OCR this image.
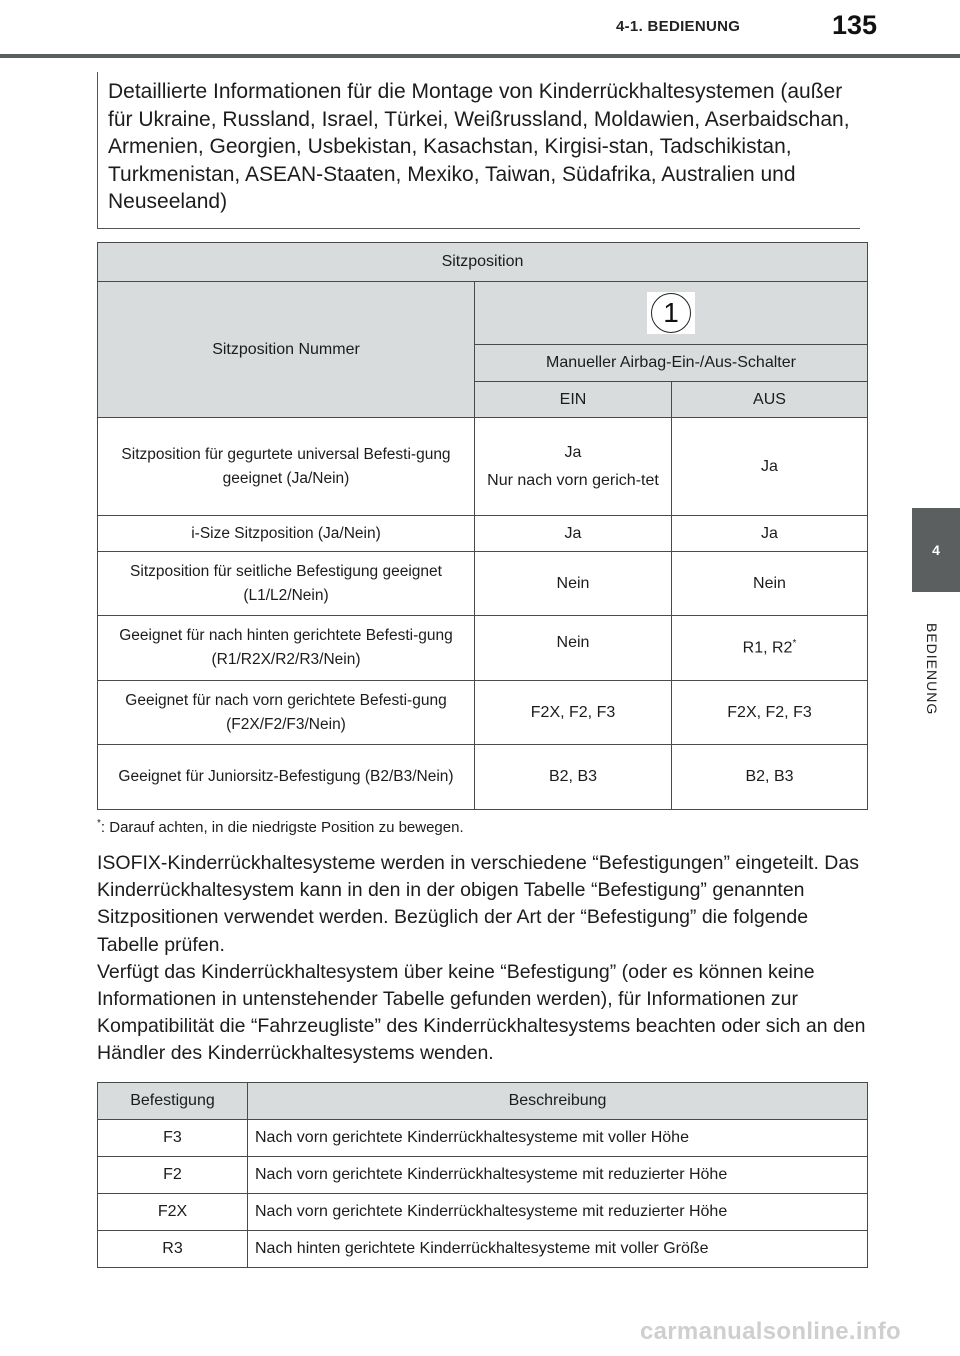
4-1. BEDIENUNG	135
4
BEDIENUNG
Detaillierte Informationen für die Montage von Kinderrückhaltesystemen (außer für Ukraine, Russland, Israel, Türkei, Weißrussland, Moldawien, Aserbaidschan, Armenien, Georgien, Usbekistan, Kasachstan, Kirgisi-stan, Tadschikistan, Turkmenistan, ASEAN-Staaten, Mexiko, Taiwan, Südafrika, Australien und Neuseeland)
Sitzposition
Sitzposition Nummer	1
Manueller Airbag-Ein-/Aus-Schalter
EIN	AUS
Sitzposition für gegurtete universal Befesti-gung geeignet (Ja/Nein)	
Ja
Nur nach vorn gerich-tet
	Ja
i-Size Sitzposition (Ja/Nein)	Ja	Ja
Sitzposition für seitliche Befestigung geeignet (L1/L2/Nein)	Nein	Nein
Geeignet für nach hinten gerichtete Befesti-gung (R1/R2X/R2/R3/Nein)	Nein	R1, R2*
Geeignet für nach vorn gerichtete Befesti-gung (F2X/F2/F3/Nein)	F2X, F2, F3	F2X, F2, F3
Geeignet für Juniorsitz-Befestigung (B2/B3/Nein)	B2, B3	B2, B3
*: Darauf achten, in die niedrigste Position zu bewegen.

ISOFIX-Kinderrückhaltesysteme werden in verschiedene “Befestigungen” eingeteilt. Das Kinderrückhaltesystem kann in den in der obigen Tabelle “Befestigung” genannten Sitzpositionen verwendet werden. Bezüglich der Art der “Befestigung” die folgende Tabelle prüfen.

Verfügt das Kinderrückhaltesystem über keine “Befestigung” (oder es können keine Informationen in untenstehender Tabelle gefunden werden), für Informationen zur Kompatibilität die “Fahrzeugliste” des Kinderrückhaltesystems beachten oder sich an den Händler des Kinderrückhaltesystems wenden.

Befestigung	Beschreibung
F3	Nach vorn gerichtete Kinderrückhaltesysteme mit voller Höhe
F2	Nach vorn gerichtete Kinderrückhaltesysteme mit reduzierter Höhe
F2X	Nach vorn gerichtete Kinderrückhaltesysteme mit reduzierter Höhe
R3	Nach hinten gerichtete Kinderrückhaltesysteme mit voller Größe
carmanualsonline.info
